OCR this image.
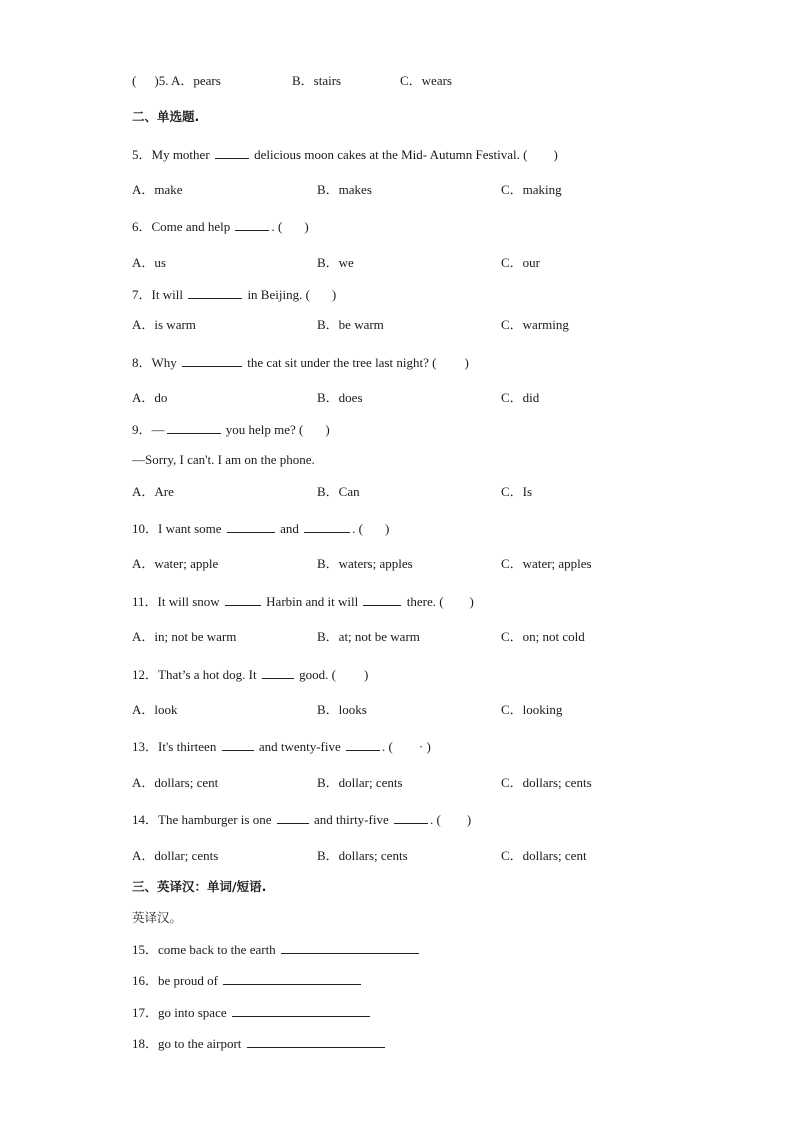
( )5. A．pears	B．stairs	C．wears
二、单选题.
5．My mother	delicious moon cakes at the Mid- Autumn Festival. ( )
A．make	B．makes	C．making
6．Come and help	. ( )
A．us	B．we	C．our
7．It will	in Beijing. ( )
A．is warm	B．be warm	C．warming
8．Why	the cat sit under the tree last night? ( )
A．do	B．does	C．did
9．—	you help me? ( )
—Sorry, I can't. I am on the phone.
A．Are	B．Can	C．Is
10．I want some	and	. ( )
A．water; apple	B．waters; apples	C．water; apples
11．It will snow	Harbin and it will	there. ( )
A．in; not be warm	B．at; not be warm	C．on; not cold
12．That’s a hot dog. It	good. ( )
A．look	B．looks	C．looking
13．It's thirteen	and twenty-five	. ( · )
A．dollars; cent	B．dollar; cents	C．dollars; cents
14．The hamburger is one	and thirty-five	. ( )
A．dollar; cents	B．dollars; cents	C．dollars; cent
三、英译汉：单词/短语.
英译汉。
15．come back to the earth
16．be proud of
17．go into space
18．go to the airport
